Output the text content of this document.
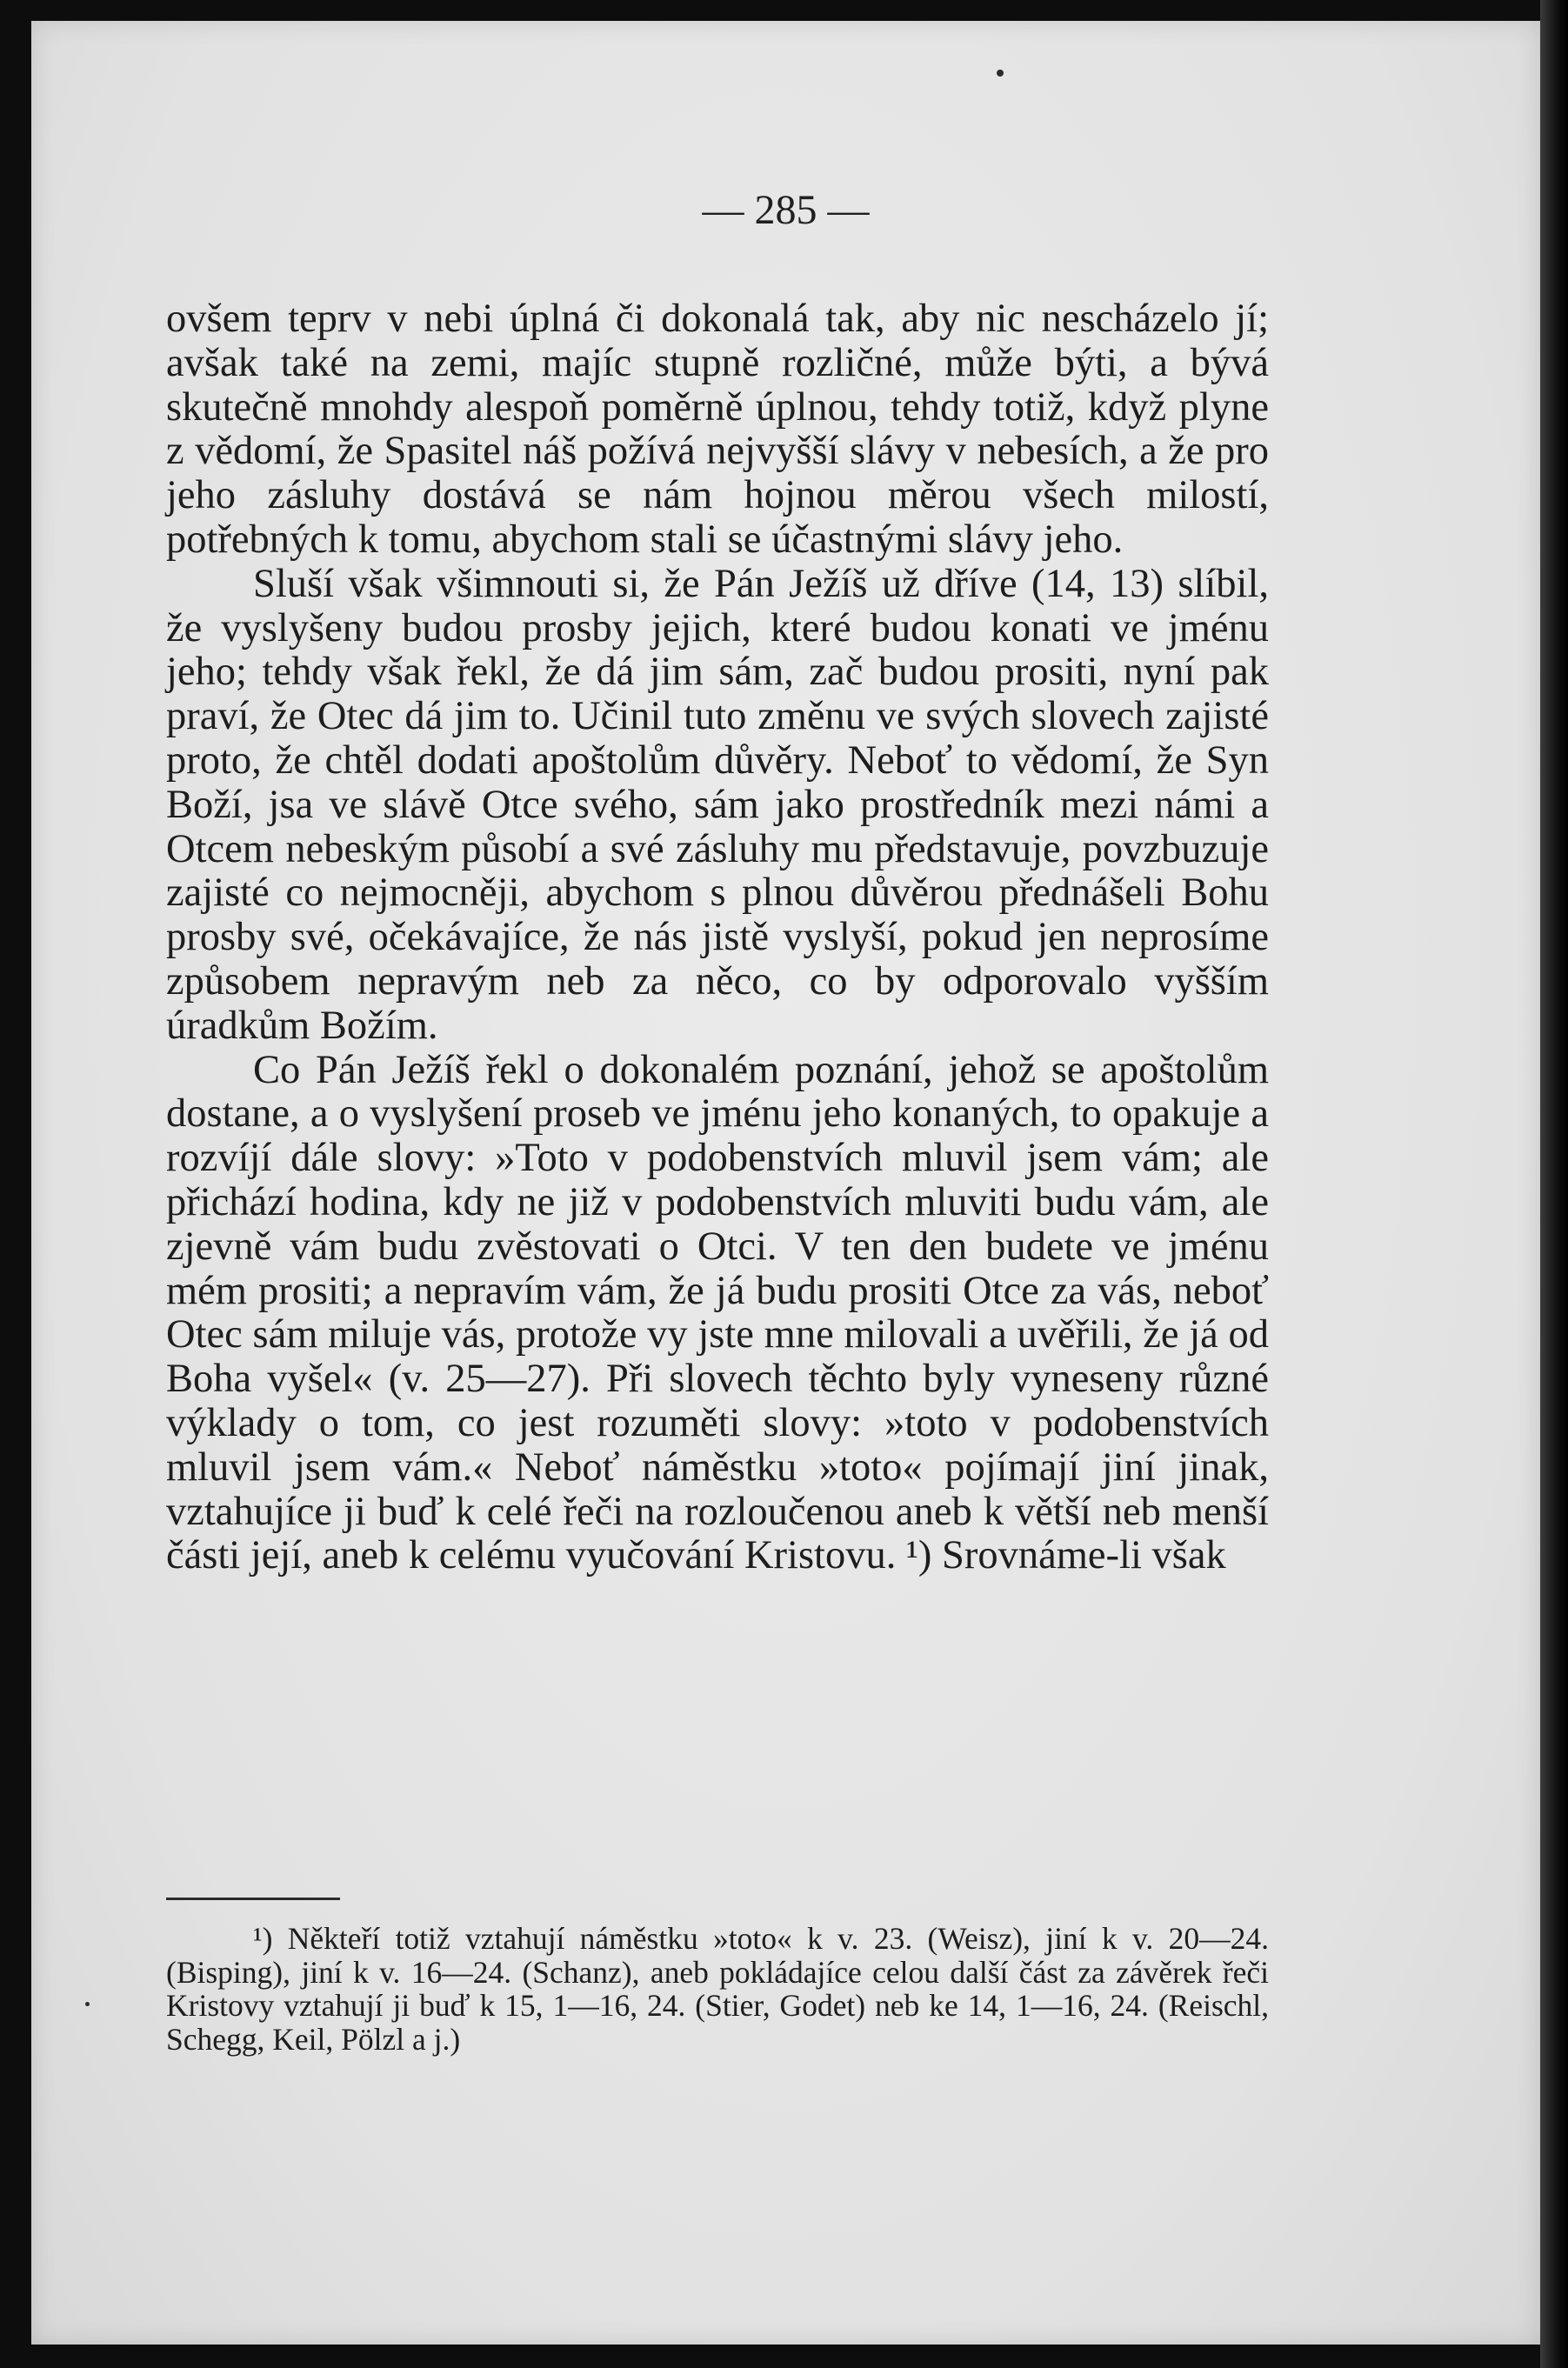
— 285 —

ovšem teprv v nebi úplná či dokonalá tak, aby nic nescházelo jí; avšak také na zemi, majíc stupně rozličné, může býti, a bývá skutečně mnohdy alespoň poměrně úplnou, tehdy totiž, když plyne z vědomí, že Spasitel náš požívá nejvyšší slávy v nebesích, a že pro jeho zásluhy dostává se nám hojnou měrou všech milostí, potřebných k tomu, abychom stali se účastnými slávy jeho.

Sluší však všimnouti si, že Pán Ježíš už dříve (14, 13) slíbil, že vyslyšeny budou prosby jejich, které budou konati ve jménu jeho; tehdy však řekl, že dá jim sám, zač budou prositi, nyní pak praví, že Otec dá jim to. Učinil tuto změnu ve svých slovech zajisté proto, že chtěl dodati apoštolům důvěry. Neboť to vědomí, že Syn Boží, jsa ve slávě Otce svého, sám jako prostředník mezi námi a Otcem nebeským působí a své zásluhy mu představuje, povzbuzuje zajisté co nejmocněji, abychom s plnou důvěrou přednášeli Bohu prosby své, očekávajíce, že nás jistě vyslyší, pokud jen neprosíme způsobem nepravým neb za něco, co by odporovalo vyšším úradkům Božím.

Co Pán Ježíš řekl o dokonalém poznání, jehož se apoštolům dostane, a o vyslyšení proseb ve jménu jeho konaných, to opakuje a rozvíjí dále slovy: »Toto v podobenstvích mluvil jsem vám; ale přichází hodina, kdy ne již v podobenstvích mluviti budu vám, ale zjevně vám budu zvěstovati o Otci. V ten den budete ve jménu mém prositi; a nepravím vám, že já budu prositi Otce za vás, neboť Otec sám miluje vás, protože vy jste mne milovali a uvěřili, že já od Boha vyšel« (v. 25—27). Při slovech těchto byly vyneseny různé výklady o tom, co jest rozuměti slovy: »toto v podobenstvích mluvil jsem vám.« Neboť náměstku »toto« pojímají jiní jinak, vztahujíce ji buď k celé řeči na rozloučenou aneb k větší neb menší části její, aneb k celému vyučování Kristovu. ¹) Srovnáme-li však

¹) Někteří totiž vztahují náměstku »toto« k v. 23. (Weisz), jiní k v. 20—24. (Bisping), jiní k v. 16—24. (Schanz), aneb pokládajíce celou další část za závěrek řeči Kristovy vztahují ji buď k 15, 1—16, 24. (Stier, Godet) neb ke 14, 1—16, 24. (Reischl, Schegg, Keil, Pölzl a j.)
